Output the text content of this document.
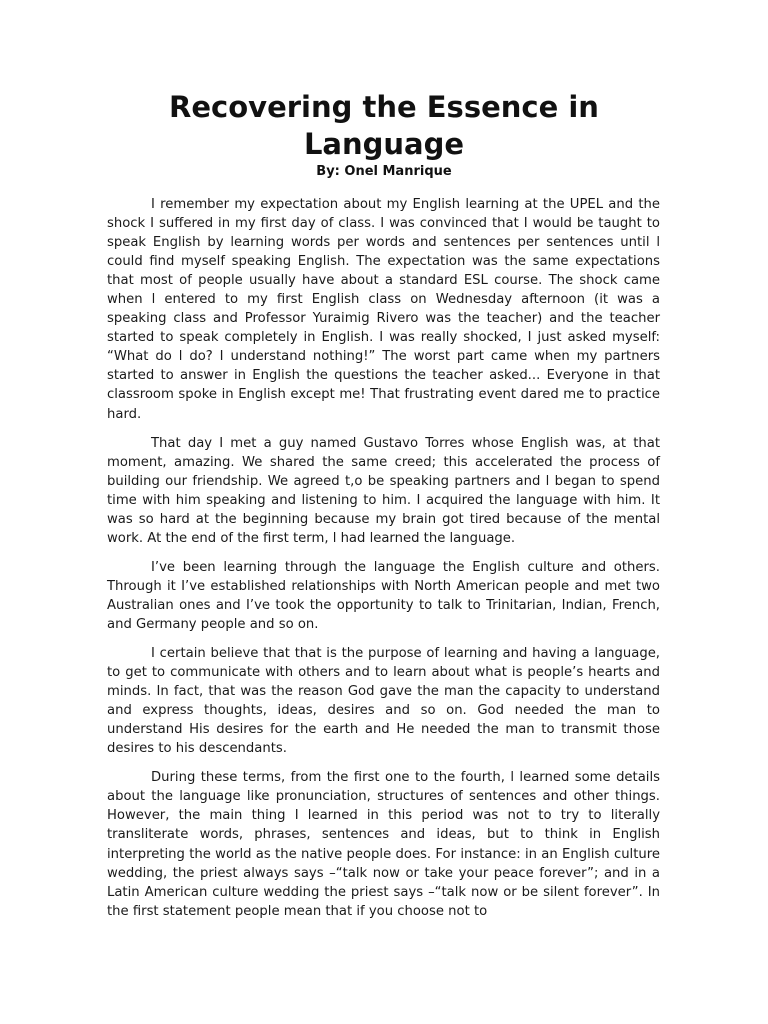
Recovering the Essence in Language
By: Onel Manrique

I remember my expectation about my English learning at the UPEL and the shock I suffered in my first day of class. I was convinced that I would be taught to speak English by learning words per words and sentences per sentences until l could find myself speaking English. The expectation was the same expectations that most of people usually have about a standard ESL course. The shock came when l entered to my first English class on Wednesday afternoon (it was a speaking class and Professor Yuraimig Rivero was the teacher) and the teacher started to speak completely in English. I was really shocked, I just asked myself: “What do l do? I understand nothing!” The worst part came when my partners started to answer in English the questions the teacher asked... Everyone in that classroom spoke in English except me! That frustrating event dared me to practice hard.

That day I met a guy named Gustavo Torres whose English was, at that moment, amazing. We shared the same creed; this accelerated the process of building our friendship. We agreed t,o be speaking partners and l began to spend time with him speaking and listening to him. I acquired the language with him. It was so hard at the beginning because my brain got tired because of the mental work. At the end of the first term, l had learned the language.

I’ve been learning through the language the English culture and others. Through it I’ve established relationships with North American people and met two Australian ones and I’ve took the opportunity to talk to Trinitarian, Indian, French, and Germany people and so on.

I certain believe that that is the purpose of learning and having a language, to get to communicate with others and to learn about what is people’s hearts and minds. In fact, that was the reason God gave the man the capacity to understand and express thoughts, ideas, desires and so on. God needed the man to understand His desires for the earth and He needed the man to transmit those desires to his descendants.

During these terms, from the first one to the fourth, l learned some details about the language like pronunciation, structures of sentences and other things. However, the main thing I learned in this period was not to try to literally transliterate words, phrases, sentences and ideas, but to think in English interpreting the world as the native people does. For instance: in an English culture wedding, the priest always says –“talk now or take your peace forever”; and in a Latin American culture wedding the priest says –“talk now or be silent forever”. In the first statement people mean that if you choose not to
